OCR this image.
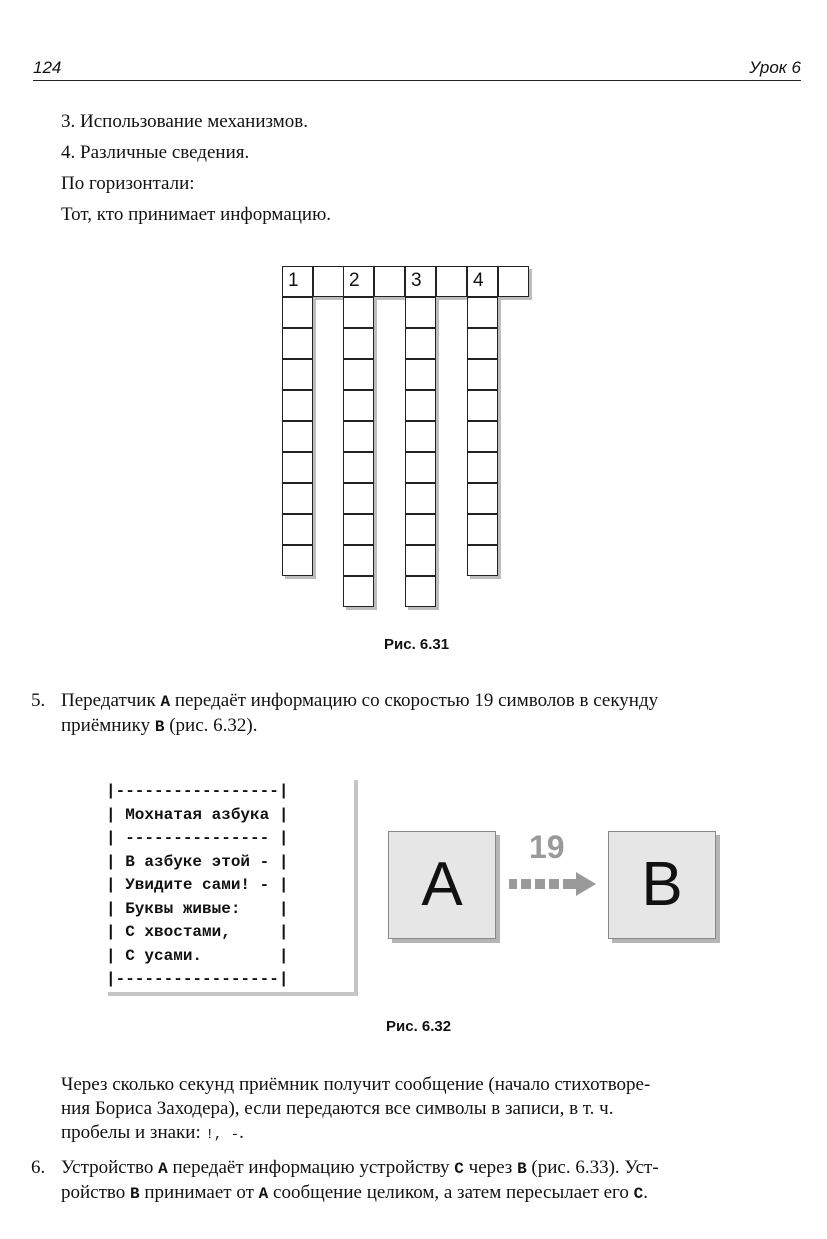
124	Урок 6
3. Использование механизмов.
4. Различные сведения.
По горизонтали:
Тот, кто принимает информацию.
1	2	3	4
Рис. 6.31
5. Передатчик A передаёт информацию со скоростью 19 символов в секунду
приёмнику B (рис. 6.32).
|-----------------|
| Мохнатая азбука |
| --------------- |
| В азбуке этой - |
| Увидите сами! - |
| Буквы живые:    |
| С хвостами,     |
| С усами.        |
|-----------------|
A
19
B
Рис. 6.32
Через сколько секунд приёмник получит сообщение (начало стихотворе-
ния Бориса Заходера), если передаются все символы в записи, в т. ч.
пробелы и знаки: !, -.
6. Устройство A передаёт информацию устройству C через B (рис. 6.33). Уст-
ройство B принимает от A сообщение целиком, а затем пересылает его C.
